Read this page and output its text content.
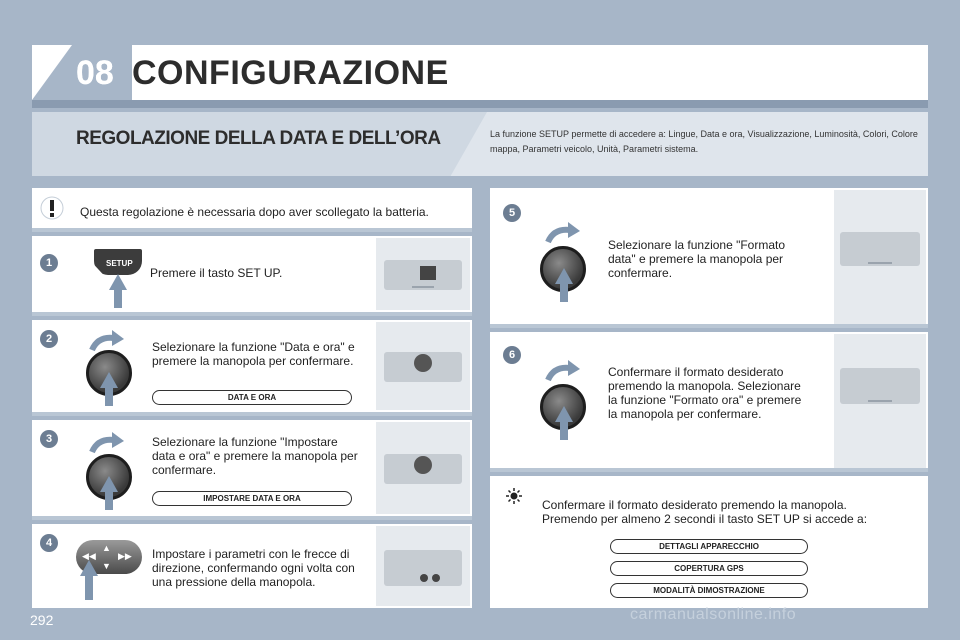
08 CONFIGURAZIONE
REGOLAZIONE DELLA DATA E DELL’ORA	La funzione SETUP permette di accedere a: Lingue, Data e ora, Visualizzazione, Luminosità, Colori, Colore mappa, Parametri veicolo, Unità, Parametri sistema.
Questa regolazione è necessaria dopo aver scollegato la batteria.
1	SETUP
Premere il tasto SET UP.
2
Selezionare la funzione "Data e ora" e premere la manopola per confermare.
DATA E ORA
3	Selezionare la funzione "Impostare data e ora" e premere la manopola per confermare.
IMPOSTARE DATA E ORA
4	▲
▼
◀◀ ▶▶ Impostare i parametri con le frecce di direzione, confermando ogni volta con una pressione della manopola.
5
Selezionare la funzione "Formato data" e premere la manopola per confermare.
6
Confermare il formato desiderato premendo la manopola. Selezionare la funzione "Formato ora" e premere la manopola per confermare.
Confermare il formato desiderato premendo la manopola. Premendo per almeno 2 secondi il tasto SET UP si accede a:
DETTAGLI APPARECCHIO
COPERTURA GPS
MODALITÀ DIMOSTRAZIONE
292	carmanualsonline.info
